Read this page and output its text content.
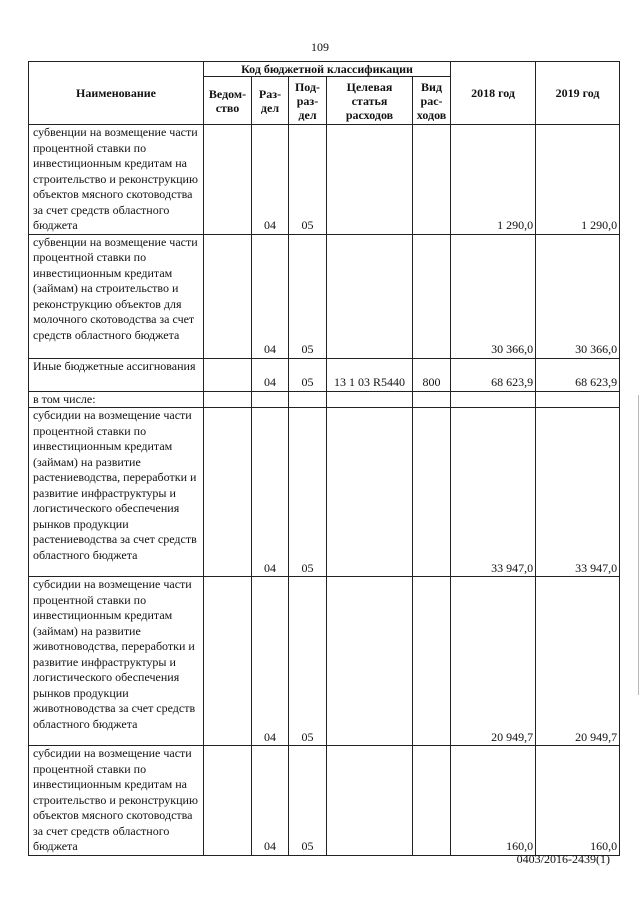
109
Наименование	Код бюджетной классификации					2018 год	2019 год
	Ведом-ство	Раз-дел	Под-раз-дел	Целевая статья расходов	Вид рас-ходов		
субвенции на возмещение части процентной ставки по инвестиционным кредитам на строительство и реконструкцию объектов мясного скотоводства за счет средств областного бюджета		04	05			1 290,0	1 290,0
субвенции на возмещение части процентной ставки по инвестиционным кредитам (займам) на строительство и реконструкцию объектов для молочного скотоводства за счет средств областного бюджета		04	05			30 366,0	30 366,0
Иные бюджетные ассигнования		04	05	13 1 03 R5440	800	68 623,9	68 623,9
в том числе:							
субсидии на возмещение части процентной ставки по инвестиционным кредитам (займам) на развитие растениеводства, переработки и развитие инфраструктуры и логистического обеспечения рынков продукции растениеводства за счет средств областного бюджета		04	05			33 947,0	33 947,0
субсидии на возмещение части процентной ставки по инвестиционным кредитам (займам) на развитие животноводства, переработки и развитие инфраструктуры и логистического обеспечения рынков продукции животноводства за счет средств областного бюджета		04	05			20 949,7	20 949,7
субсидии на возмещение части процентной ставки по инвестиционным кредитам на строительство и реконструкцию объектов мясного скотоводства за счет средств областного бюджета		04	05			160,0	160,0
0403/2016-2439(1)
